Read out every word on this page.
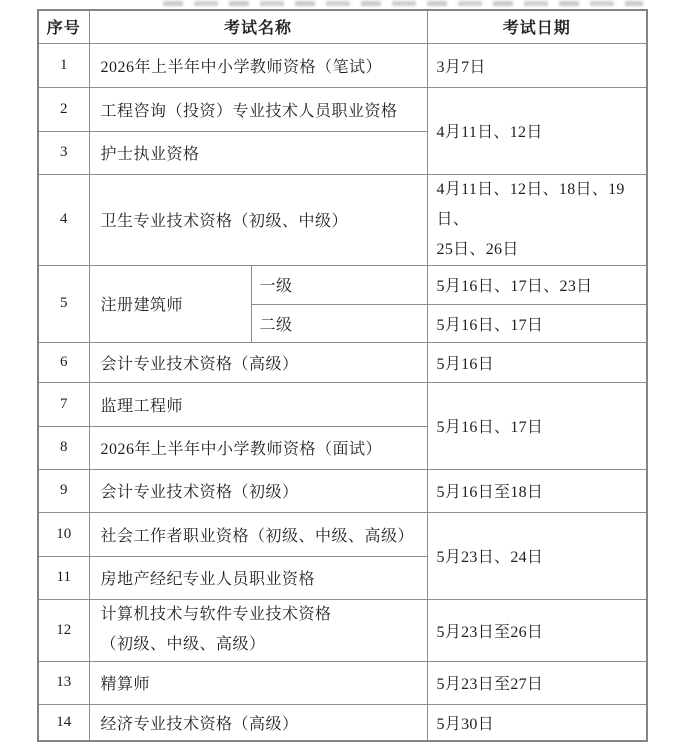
序号	考试名称		考试日期
1	2026年上半年中小学教师资格（笔试）		3月7日
2	工程咨询（投资）专业技术人员职业资格		4月11日、12日
3	护士执业资格		
4	卫生专业技术资格（初级、中级）		4月11日、12日、18日、19日、
25日、26日

5	注册建筑师	一级	5月16日、17日、23日
		二级	5月16日、17日
6	会计专业技术资格（高级）		5月16日
7	监理工程师		5月16日、17日
8	2026年上半年中小学教师资格（面试）		
9	会计专业技术资格（初级）		5月16日至18日
10	社会工作者职业资格（初级、中级、高级）		5月23日、24日
11	房地产经纪专业人员职业资格		
12	计算机技术与软件专业技术资格
（初级、中级、高级）		5月23日至26日
13	精算师		5月23日至27日
14	经济专业技术资格（高级）		5月30日
